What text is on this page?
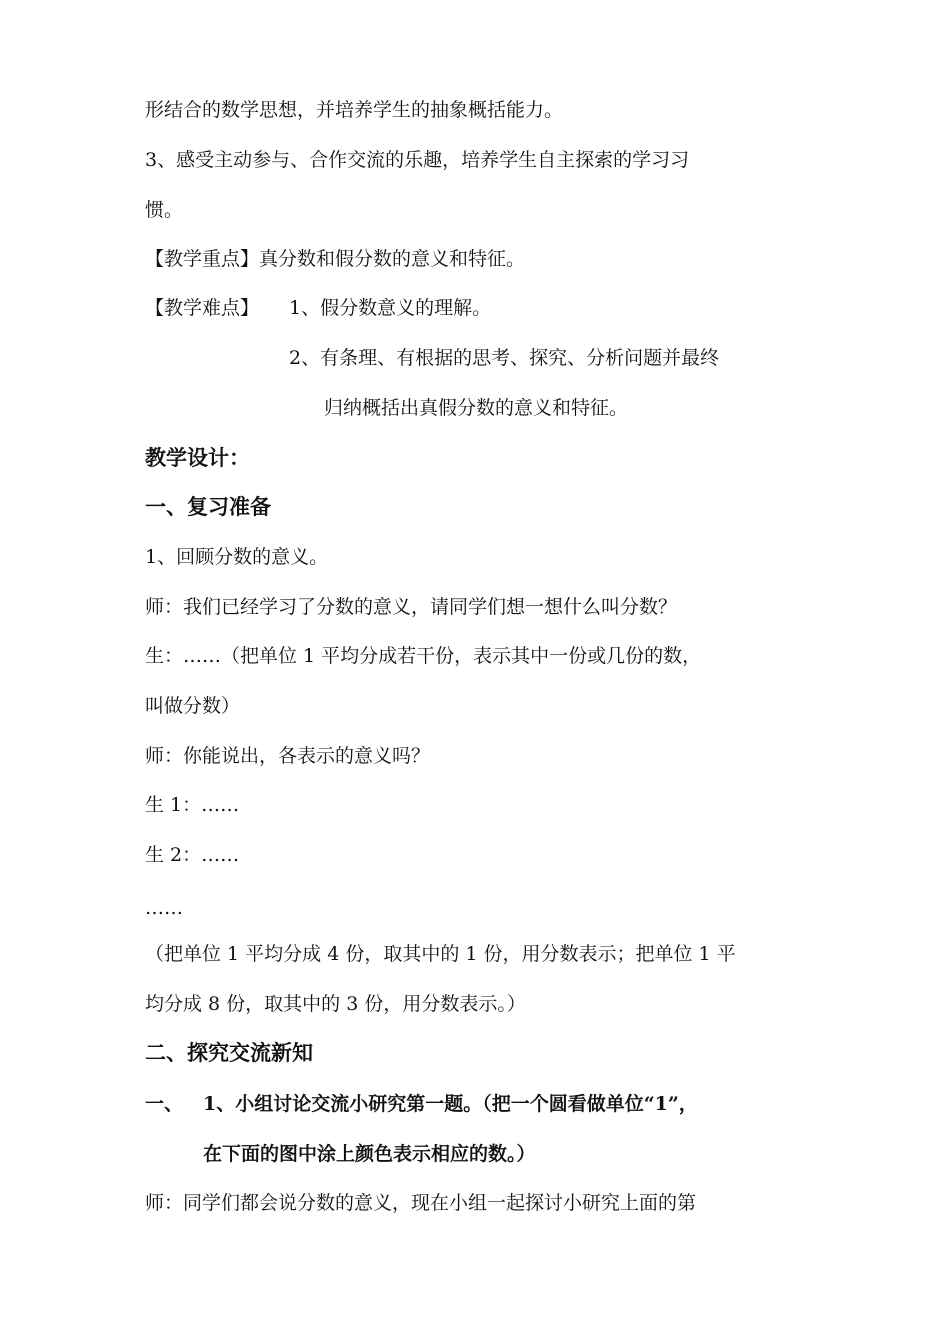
形结合的数学思想，并培养学生的抽象概括能力。
3、感受主动参与、合作交流的乐趣，培养学生自主探索的学习习
惯。
【教学重点】真分数和假分数的意义和特征。
【教学难点】	1、假分数意义的理解。
2、有条理、有根据的思考、探究、分析问题并最终
归纳概括出真假分数的意义和特征。
教学设计：
一、复习准备
1、回顾分数的意义。
师：我们已经学习了分数的意义，请同学们想一想什么叫分数？
生：……（把单位 1 平均分成若干份，表示其中一份或几份的数，
叫做分数）
师：你能说出，各表示的意义吗？
生 1：……
生 2：……
……
（把单位 1 平均分成 4 份，取其中的 1 份，用分数表示；把单位 1 平
均分成 8 份，取其中的 3 份，用分数表示。）
二、探究交流新知
一、	1、小组讨论交流小研究第一题。（把一个圆看做单位“1”，
在下面的图中涂上颜色表示相应的数。）
师：同学们都会说分数的意义，现在小组一起探讨小研究上面的第
